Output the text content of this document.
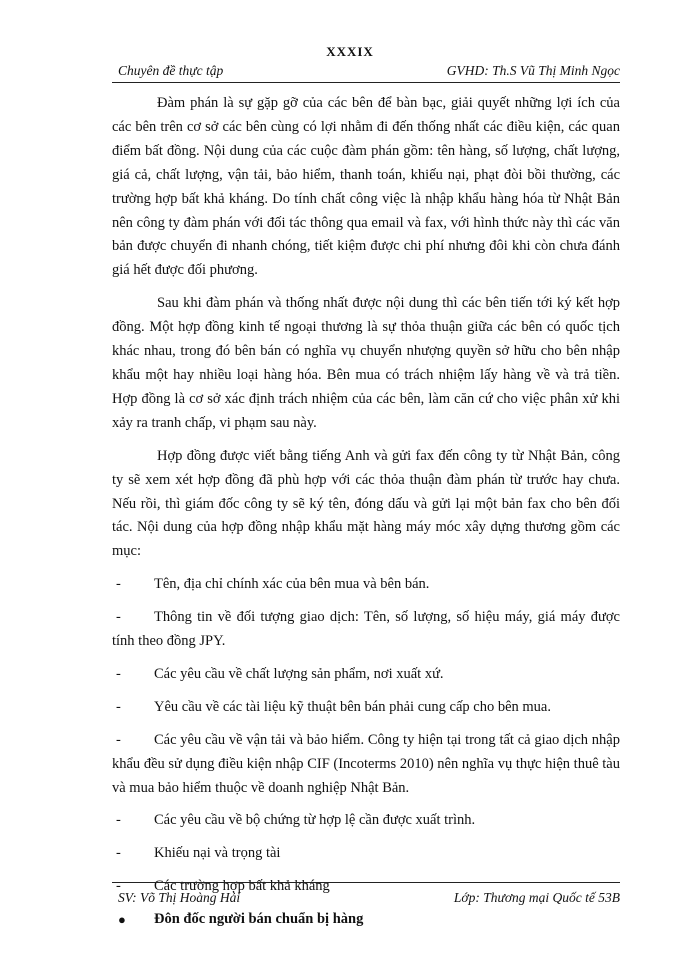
XXXIX
Chuyên đề thực tập	GVHD: Th.S Vũ Thị Minh Ngọc

Đàm phán là sự gặp gỡ của các bên để bàn bạc, giải quyết những lợi ích của các bên trên cơ sở các bên cùng có lợi nhằm đi đến thống nhất các điều kiện, các quan điểm bất đồng. Nội dung của các cuộc đàm phán gồm: tên hàng, số lượng, chất lượng, giá cả, chất lượng, vận tải, bảo hiểm, thanh toán, khiếu nại, phạt đòi bồi thường, các trường hợp bất khả kháng. Do tính chất công việc là nhập khẩu hàng hóa từ Nhật Bản nên công ty đàm phán với đối tác thông qua email và fax, với hình thức này thì các văn bản được chuyển đi nhanh chóng, tiết kiệm được chi phí nhưng đôi khi còn chưa đánh giá hết được đối phương.

Sau khi đàm phán và thống nhất được nội dung thì các bên tiến tới ký kết hợp đồng. Một hợp đồng kinh tế ngoại thương là sự thỏa thuận giữa các bên có quốc tịch khác nhau, trong đó bên bán có nghĩa vụ chuyển nhượng quyền sở hữu cho bên nhập khẩu một hay nhiều loại hàng hóa. Bên mua có trách nhiệm lấy hàng về và trả tiền. Hợp đồng là cơ sở xác định trách nhiệm của các bên, làm căn cứ cho việc phân xử khi xảy ra tranh chấp, vi phạm sau này.

Hợp đồng được viết bằng tiếng Anh và gửi fax đến công ty từ Nhật Bản, công ty sẽ xem xét hợp đồng đã phù hợp với các thỏa thuận đàm phán từ trước hay chưa. Nếu rồi, thì giám đốc công ty sẽ ký tên, đóng dấu và gửi lại một bản fax cho bên đối tác. Nội dung của hợp đồng nhập khẩu mặt hàng máy móc xây dựng thương gồm các mục:

- Tên, địa chỉ chính xác của bên mua và bên bán.
- Thông tin về đối tượng giao dịch: Tên, số lượng, số hiệu máy, giá máy được tính theo đồng JPY.
- Các yêu cầu về chất lượng sản phẩm, nơi xuất xứ.
- Yêu cầu về các tài liệu kỹ thuật bên bán phải cung cấp cho bên mua.
- Các yêu cầu về vận tải và bảo hiểm. Công ty hiện tại trong tất cả giao dịch nhập khẩu đều sử dụng điều kiện nhập CIF (Incoterms 2010) nên nghĩa vụ thực hiện thuê tàu và mua bảo hiểm thuộc về doanh nghiệp Nhật Bản.
- Các yêu cầu về bộ chứng từ hợp lệ cần được xuất trình.
- Khiếu nại và trọng tài
- Các trường hợp bất khả kháng
● Đôn đốc người bán chuẩn bị hàng
SV: Võ Thị Hoàng Hải	Lớp: Thương mại Quốc tế 53B
